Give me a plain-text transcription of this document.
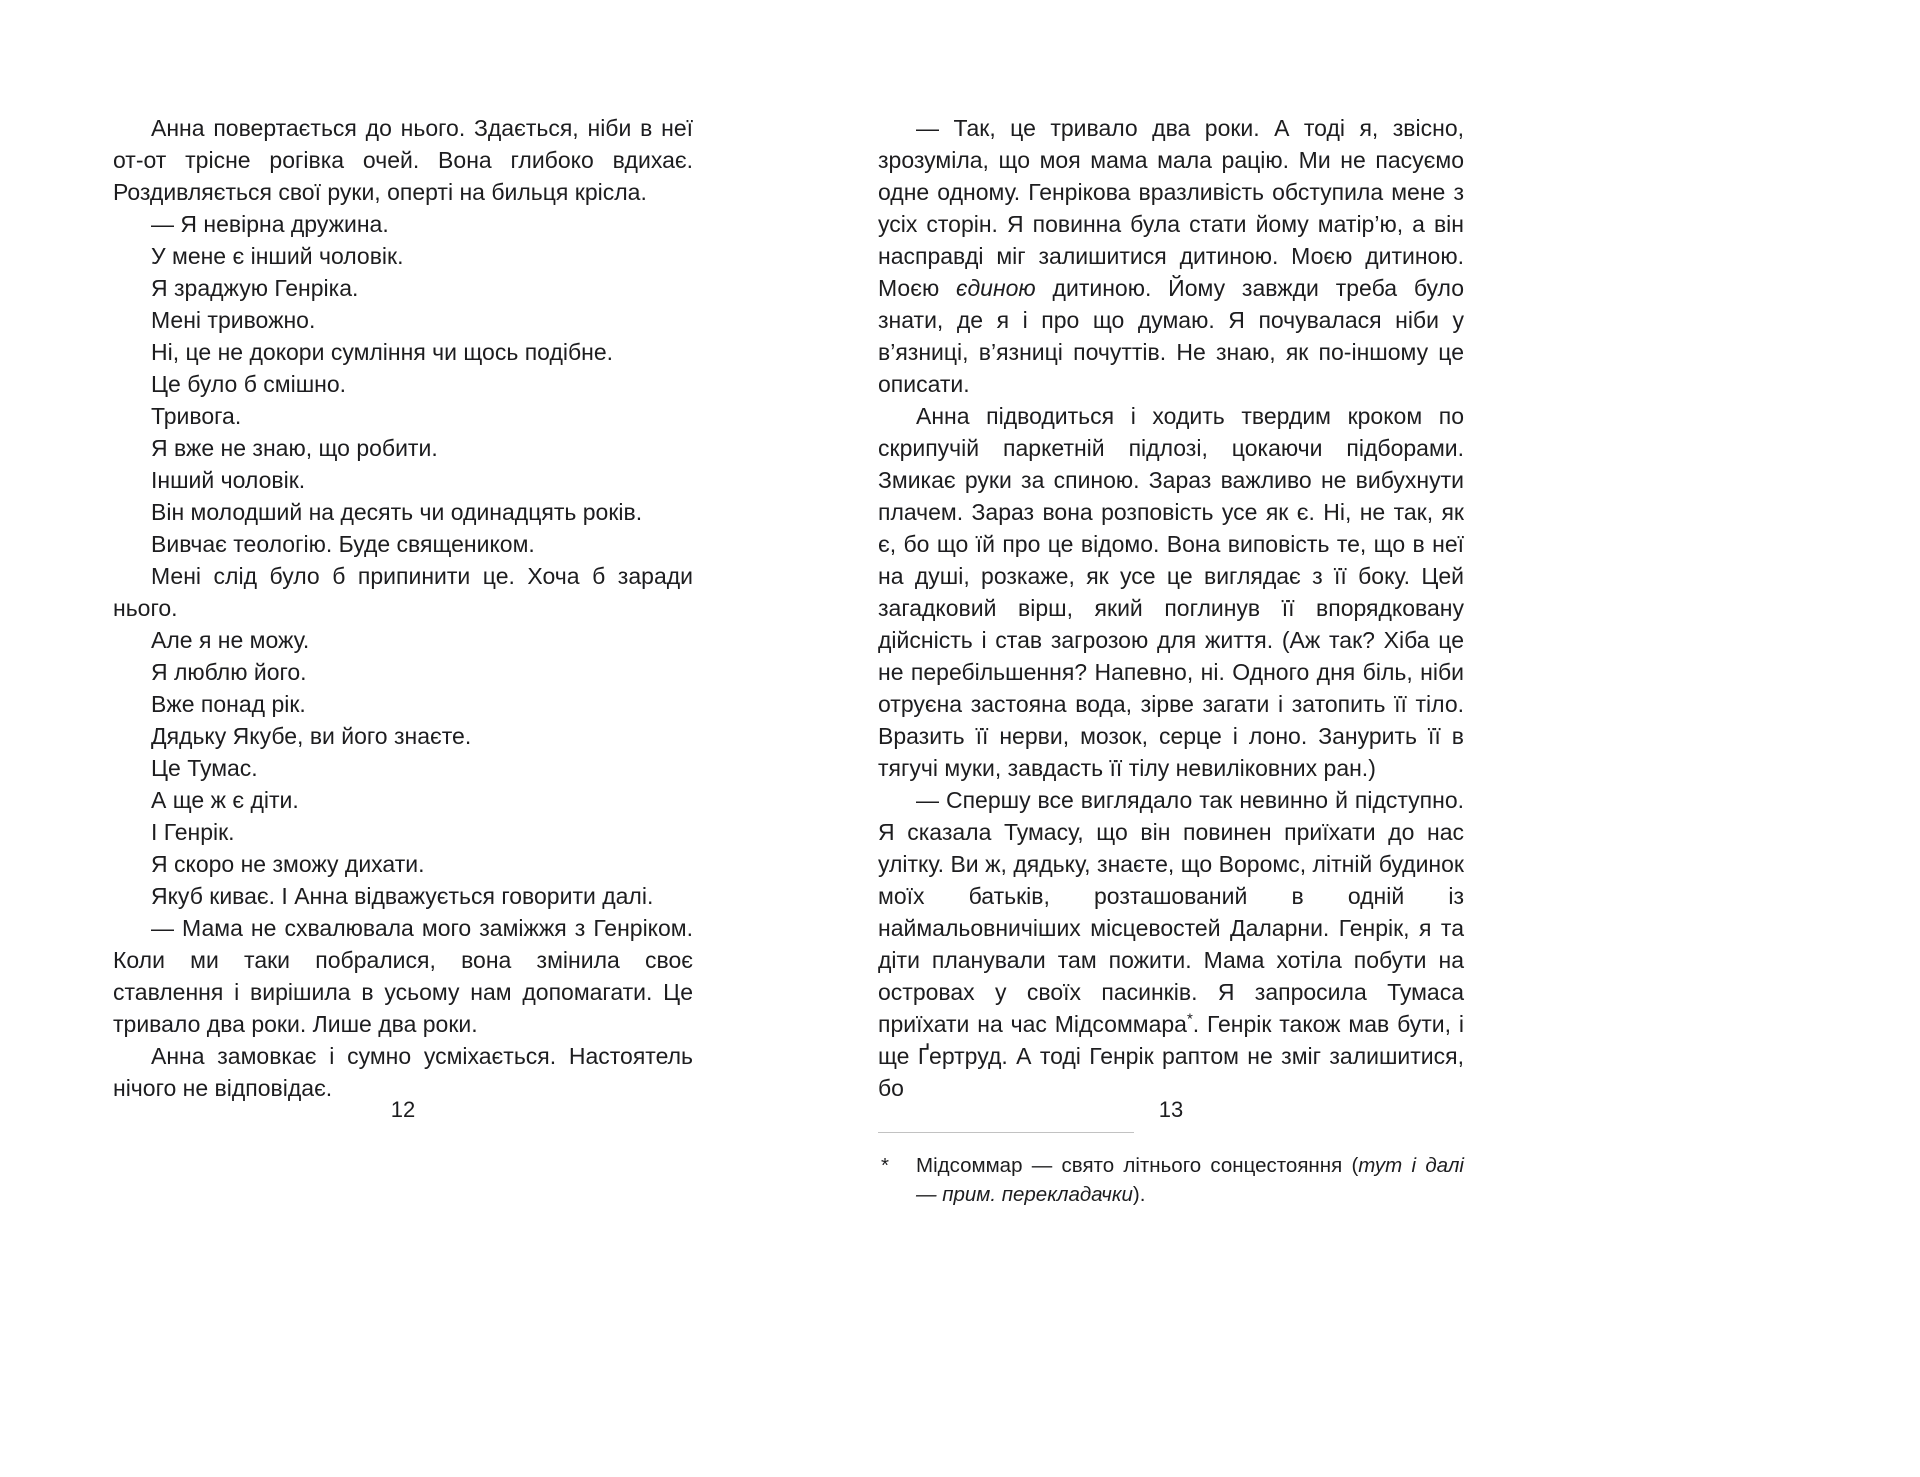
Анна повертається до нього. Здається, ніби в неї от-от трісне рогівка очей. Вона глибоко вдихає. Роздивляється свої руки, оперті на бильця крісла.

— Я невірна дружина.

У мене є інший чоловік.

Я зраджую Генріка.

Мені тривожно.

Ні, це не докори сумління чи щось подібне.

Це було б смішно.

Тривога.

Я вже не знаю, що робити.

Інший чоловік.

Він молодший на десять чи одинадцять років.

Вивчає теологію. Буде священиком.

Мені слід було б припинити це. Хоча б заради нього.

Але я не можу.

Я люблю його.

Вже понад рік.

Дядьку Якубе, ви його знаєте.

Це Тумас.

А ще ж є діти.

І Генрік.

Я скоро не зможу дихати.

Якуб киває. І Анна відважується говорити далі.

— Мама не схвалювала мого заміжжя з Генріком. Коли ми таки побралися, вона змінила своє ставлення і вирішила в усьому нам допомагати. Це тривало два роки. Лише два роки.

Анна замовкає і сумно усміхається. Настоятель нічого не відповідає.

— Так, це тривало два роки. А тоді я, звісно, зрозуміла, що моя мама мала рацію. Ми не пасуємо одне одному. Генрікова вразливість обступила мене з усіх сторін. Я повинна була стати йому матір’ю, а він насправді міг залишитися дитиною. Моєю дитиною. Моєю єдиною дитиною. Йому завжди треба було знати, де я і про що думаю. Я почувалася ніби у в’язниці, в’язниці почуттів. Не знаю, як по-іншому це описати.

Анна підводиться і ходить твердим кроком по скрипучій паркетній підлозі, цокаючи підборами. Змикає руки за спиною. Зараз важливо не вибухнути плачем. Зараз вона розповість усе як є. Ні, не так, як є, бо що їй про це відомо. Вона виповість те, що в неї на душі, розкаже, як усе це виглядає з її боку. Цей загадковий вірш, який поглинув її впорядковану дійсність і став загрозою для життя. (Аж так? Хіба це не перебільшення? Напевно, ні. Одного дня біль, ніби отруєна застояна вода, зірве загати і затопить її тіло. Вразить її нерви, мозок, серце і лоно. Занурить її в тягучі муки, завдасть її тілу невиліковних ран.)

— Спершу все виглядало так невинно й підступно. Я сказала Тумасу, що він повинен приїхати до нас улітку. Ви ж, дядьку, знаєте, що Воромс, літній будинок моїх батьків, розташований в одній із наймальовничіших місцевостей Даларни. Генрік, я та діти планували там пожити. Мама хотіла побути на островах у своїх пасинків. Я запросила Тумаса приїхати на час Мідсоммара*. Генрік також мав бути, і ще Ґертруд. А тоді Генрік раптом не зміг залишитися, бо

* Мідсоммар — свято літнього сонцестояння (тут і далі — прим. перекладачки).
12	13
